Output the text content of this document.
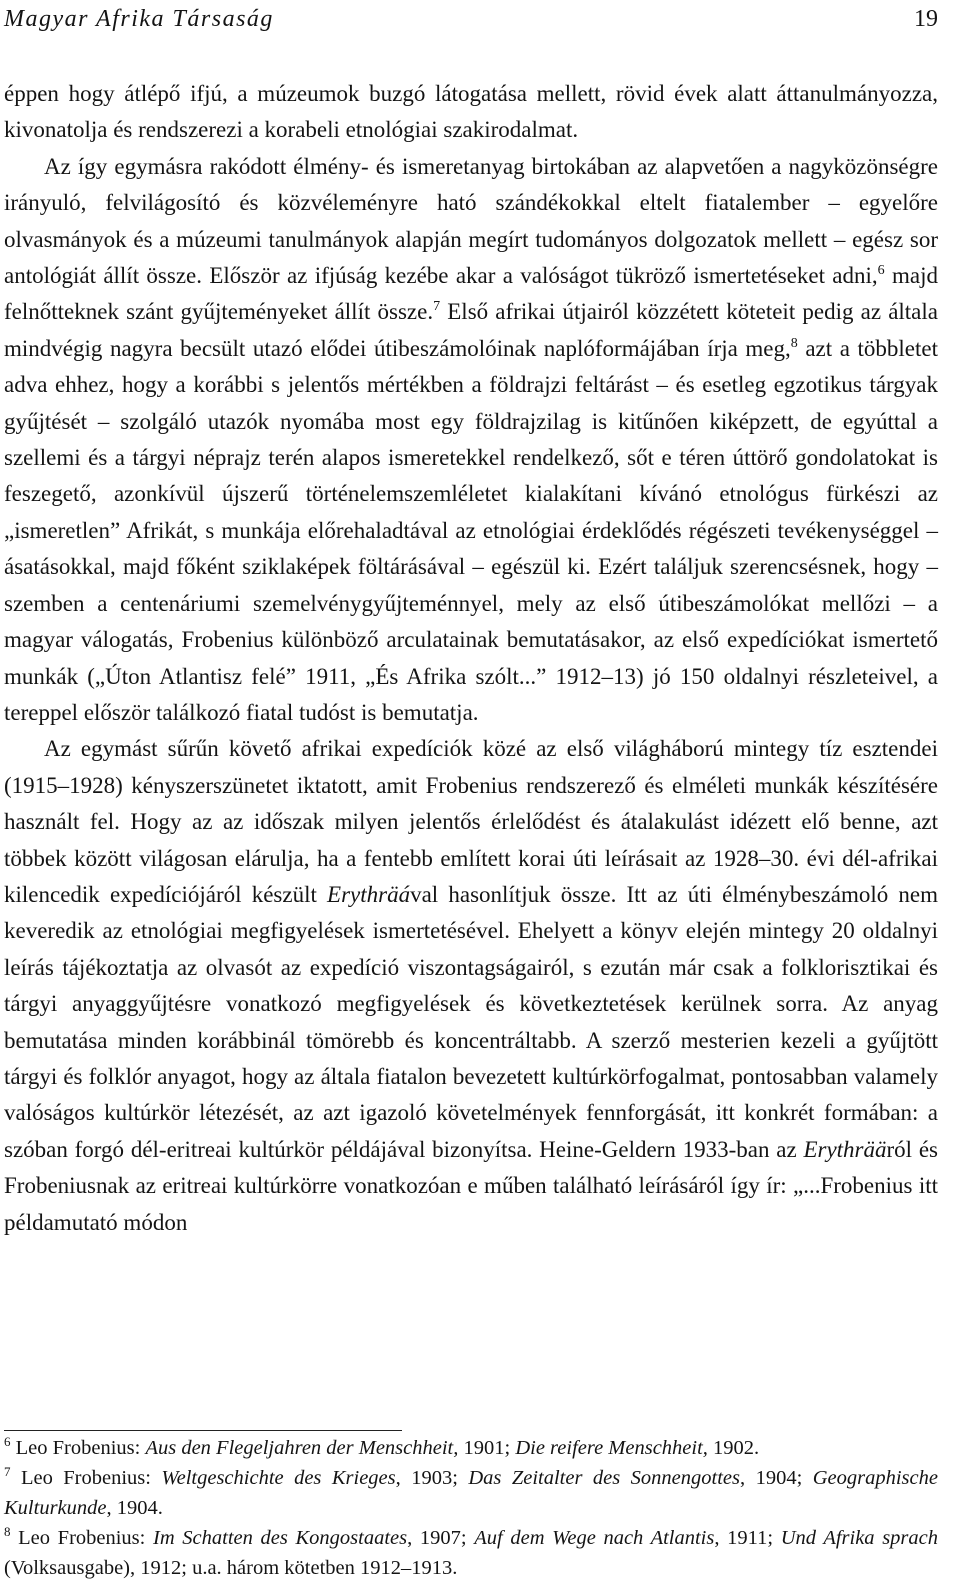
Magyar Afrika Társaság	19

éppen hogy átlépő ifjú, a múzeumok buzgó látogatása mellett, rövid évek alatt áttanulmányozza, kivonatolja és rendszerezi a korabeli etnológiai szakirodalmat.

Az így egymásra rakódott élmény- és ismeretanyag birtokában az alapvetően a nagyközönségre irányuló, felvilágosító és közvéleményre ható szándékokkal eltelt fiatalember – egyelőre olvasmányok és a múzeumi tanulmányok alapján megírt tudományos dolgozatok mellett – egész sor antológiát állít össze. Először az ifjúság kezébe akar a valóságot tükröző ismertetéseket adni,$^6$ majd felnőtteknek szánt gyűjteményeket állít össze.$^7$ Első afrikai útjairól közzétett köteteit pedig az általa mindvégig nagyra becsült utazó elődei útibeszámolóinak naplóformájában írja meg,$^8$ azt a többletet adva ehhez, hogy a korábbi s jelentős mértékben a földrajzi feltárást – és esetleg egzotikus tárgyak gyűjtését – szolgáló utazók nyomába most egy földrajzilag is kitűnően kiképzett, de egyúttal a szellemi és a tárgyi néprajz terén alapos ismeretekkel rendelkező, sőt e téren úttörő gondolatokat is feszegető, azonkívül újszerű történelemszemléletet kialakítani kívánó etnológus fürkészi az „ismeretlen” Afrikát, s munkája előrehaladtával az etnológiai érdeklődés régészeti tevékenységgel – ásatásokkal, majd főként sziklaképek föltárásával – egészül ki. Ezért találjuk szerencsésnek, hogy – szemben a centenáriumi szemelvénygyűjteménnyel, mely az első útibeszámolókat mellőzi – a magyar válogatás, Frobenius különböző arculatainak bemutatásakor, az első expedíciókat ismertető munkák („Úton Atlantisz felé” 1911, „És Afrika szólt...” 1912–13) jó 150 oldalnyi részleteivel, a tereppel először találkozó fiatal tudóst is bemutatja.

Az egymást sűrűn követő afrikai expedíciók közé az első világháború mintegy tíz esztendei (1915–1928) kényszerszünetet iktatott, amit Frobenius rendszerező és elméleti munkák készítésére használt fel. Hogy az az időszak milyen jelentős érlelődést és átalakulást idézett elő benne, azt többek között világosan elárulja, ha a fentebb említett korai úti leírásait az 1928–30. évi dél-afrikai kilencedik expedíciójáról készült Erythräával hasonlítjuk össze. Itt az úti élménybeszámoló nem keveredik az etnológiai megfigyelések ismertetésével. Ehelyett a könyv elején mintegy 20 oldalnyi leírás tájékoztatja az olvasót az expedíció viszontagságairól, s ezután már csak a folklorisztikai és tárgyi anyaggyűjtésre vonatkozó megfigyelések és következtetések kerülnek sorra. Az anyag bemutatása minden korábbinál tömörebb és koncentráltabb. A szerző mesterien kezeli a gyűjtött tárgyi és folklór anyagot, hogy az általa fiatalon bevezetett kultúrkörfogalmat, pontosabban valamely valóságos kultúrkör létezését, az azt igazoló követelmények fennforgását, itt konkrét formában: a szóban forgó dél-eritreai kultúrkör példájával bizonyítsa. Heine-Geldern 1933-ban az Erythrääról és Frobeniusnak az eritreai kultúrkörre vonatkozóan e műben található leírásáról így ír: „...Frobenius itt példamutató módon

$^6$ Leo Frobenius: Aus den Flegeljahren der Menschheit, 1901; Die reifere Menschheit, 1902.

$^7$ Leo Frobenius: Weltgeschichte des Krieges, 1903; Das Zeitalter des Sonnengottes, 1904; Geographische Kulturkunde, 1904.

$^8$ Leo Frobenius: Im Schatten des Kongostaates, 1907; Auf dem Wege nach Atlantis, 1911; Und Afrika sprach (Volksausgabe), 1912; u.a. három kötetben 1912–1913.
